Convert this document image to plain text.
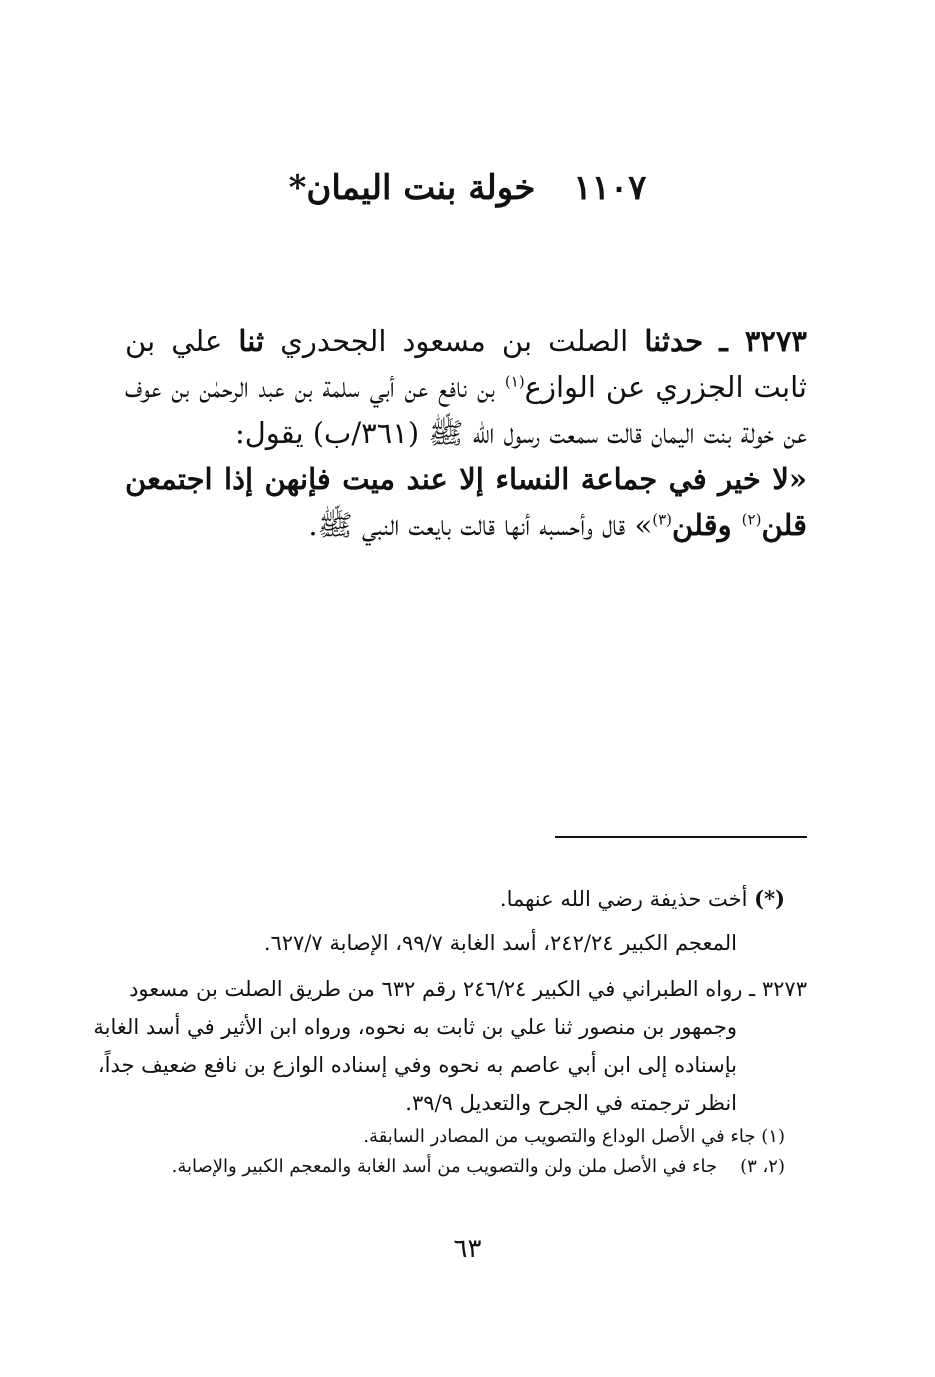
١١٠٧خولة بنت اليمان*

٣٢٧٣ ـ حدثنا الصلت بن مسعود الجحدري ثنا علي بن ثابت الجزري عن الوازع$^{(١)}$ بن نافع عن أبي سلمة بن عبد الرحمٰن بن عوف عن خولة بنت اليمان قالت سمعت رسول الله ﷺ (٣٦١/ب) يقول:

«لا خير في جماعة النساء إلا عند ميت فإنهن إذا اجتمعن قلن$^{(٢)}$ وقلن$^{(٣)}$» قال وأحسبه أنها قالت بايعت النبي ﷺ.

(*) أخت حذيفة رضي الله عنهما.

المعجم الكبير ٢٤٢/٢٤، أسد الغابة ٩٩/٧، الإصابة ٦٢٧/٧.

٣٢٧٣ ـ رواه الطبراني في الكبير ٢٤٦/٢٤ رقم ٦٣٢ من طريق الصلت بن مسعود

وجمهور بن منصور ثنا علي بن ثابت به نحوه، ورواه ابن الأثير في أسد الغابة

بإسناده إلى ابن أبي عاصم به نحوه وفي إسناده الوازع بن نافع ضعيف جداً،

انظر ترجمته في الجرح والتعديل ٣٩/٩.

(١) جاء في الأصل الوداع والتصويب من المصادر السابقة.

(٢، ٣)    جاء في الأصل ملن ولن والتصويب من أسد الغابة والمعجم الكبير والإصابة.

٦٣
